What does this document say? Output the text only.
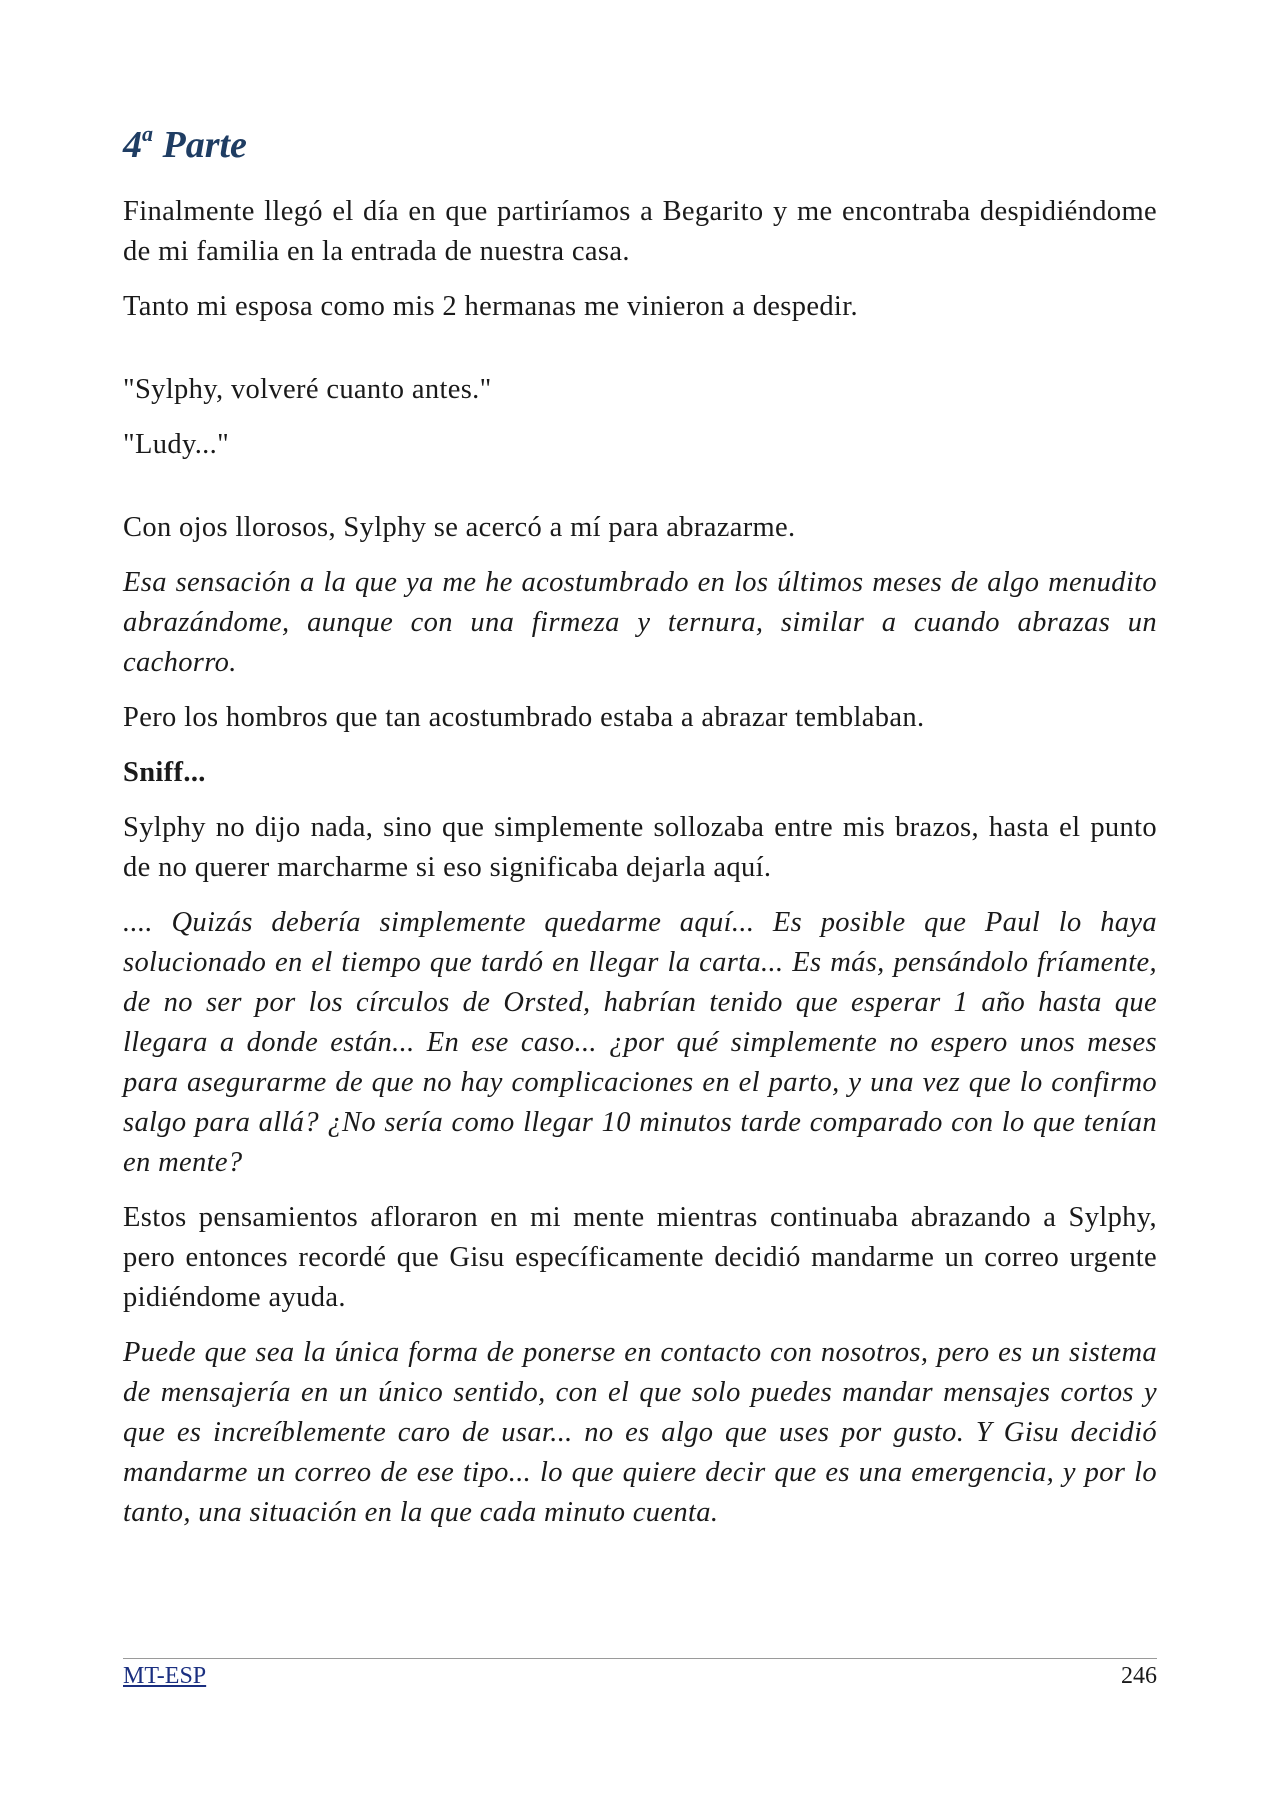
4$^a$ Parte

Finalmente llegó el día en que partiríamos a Begarito y me encontraba despidiéndome de mi familia en la entrada de nuestra casa.

Tanto mi esposa como mis 2 hermanas me vinieron a despedir.

"Sylphy, volveré cuanto antes."

"Ludy..."

Con ojos llorosos, Sylphy se acercó a mí para abrazarme.

Esa sensación a la que ya me he acostumbrado en los últimos meses de algo menudito abrazándome, aunque con una firmeza y ternura, similar a cuando abrazas un cachorro.

Pero los hombros que tan acostumbrado estaba a abrazar temblaban.

Sniff...

Sylphy no dijo nada, sino que simplemente sollozaba entre mis brazos, hasta el punto de no querer marcharme si eso significaba dejarla aquí.

.... Quizás debería simplemente quedarme aquí... Es posible que Paul lo haya solucionado en el tiempo que tardó en llegar la carta... Es más, pensándolo fríamente, de no ser por los círculos de Orsted, habrían tenido que esperar 1 año hasta que llegara a donde están... En ese caso... ¿por qué simplemente no espero unos meses para asegurarme de que no hay complicaciones en el parto, y una vez que lo confirmo salgo para allá? ¿No sería como llegar 10 minutos tarde comparado con lo que tenían en mente?

Estos pensamientos afloraron en mi mente mientras continuaba abrazando a Sylphy, pero entonces recordé que Gisu específicamente decidió mandarme un correo urgente pidiéndome ayuda.

Puede que sea la única forma de ponerse en contacto con nosotros, pero es un sistema de mensajería en un único sentido, con el que solo puedes mandar mensajes cortos y que es increíblemente caro de usar... no es algo que uses por gusto. Y Gisu decidió mandarme un correo de ese tipo... lo que quiere decir que es una emergencia, y por lo tanto, una situación en la que cada minuto cuenta.

MT-ESP	246
